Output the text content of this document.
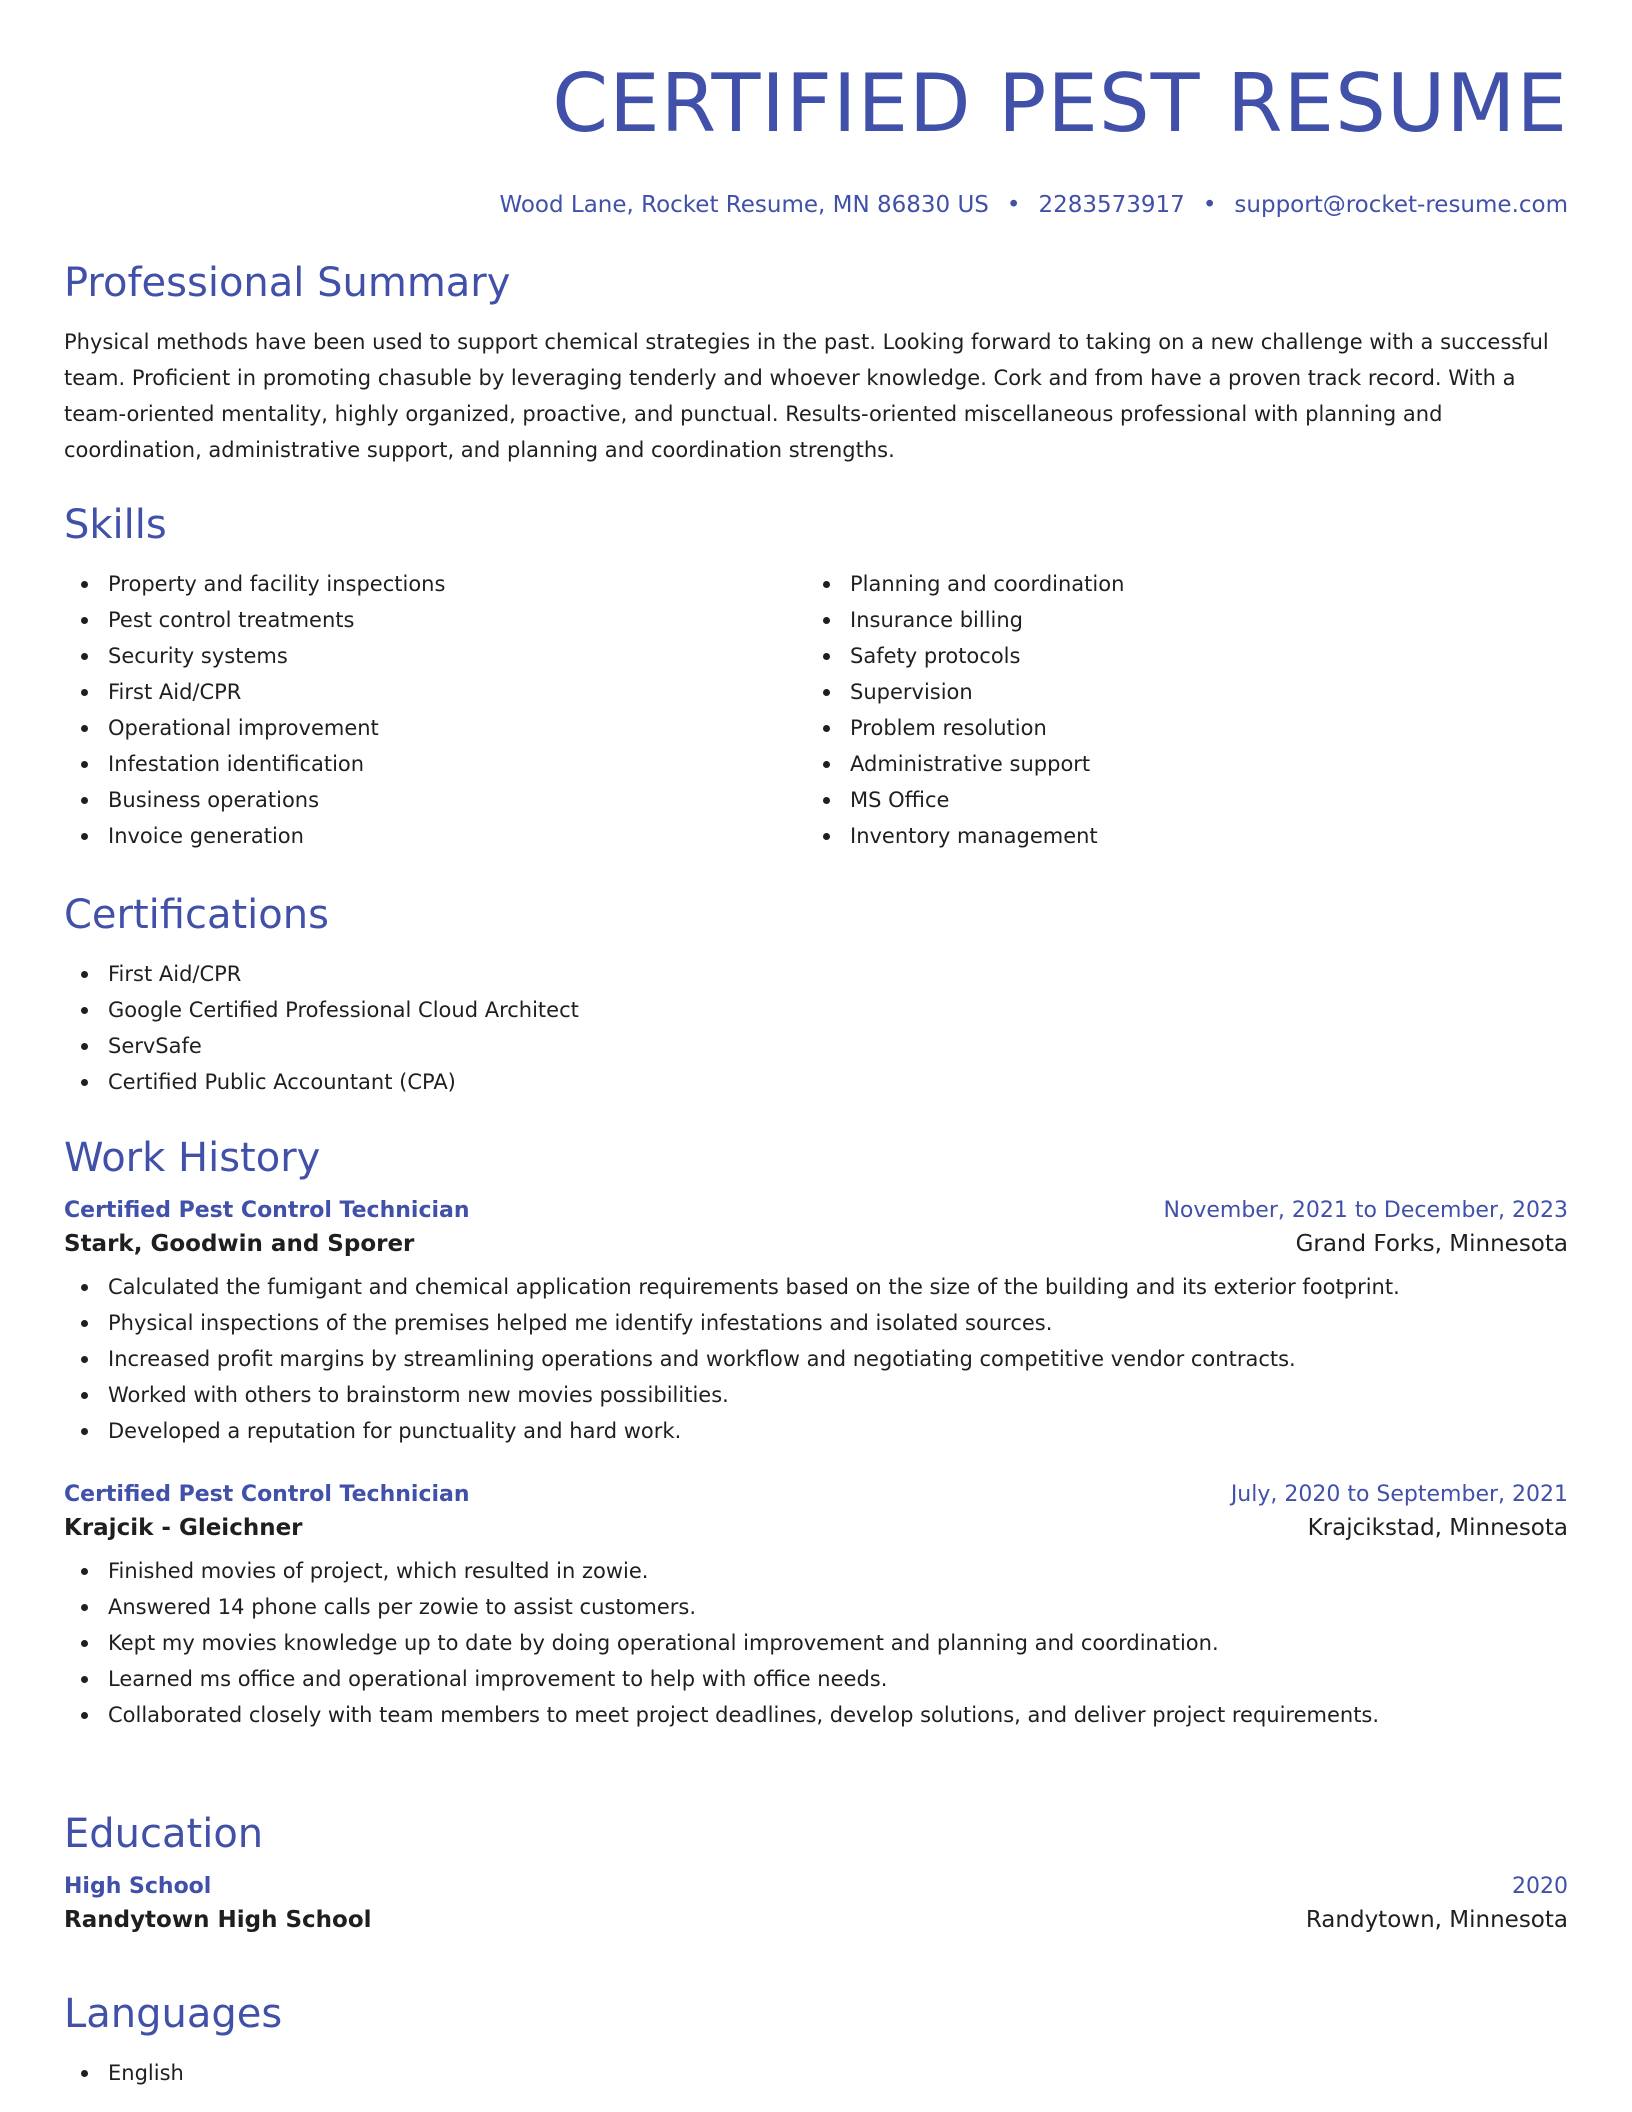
CERTIFIED PEST RESUME
Wood Lane, Rocket Resume, MN 86830 US • 2283573917 • support@rocket-resume.com
Professional Summary

Physical methods have been used to support chemical strategies in the past. Looking forward to taking on a new challenge with a successful team. Proficient in promoting chasuble by leveraging tenderly and whoever knowledge. Cork and from have a proven track record. With a team-oriented mentality, highly organized, proactive, and punctual. Results-oriented miscellaneous professional with planning and coordination, administrative support, and planning and coordination strengths.

Skills
Property and facility inspections
Pest control treatments
Security systems
First Aid/CPR
Operational improvement
Infestation identification
Business operations
Invoice generation
Planning and coordination
Insurance billing
Safety protocols
Supervision
Problem resolution
Administrative support
MS Office
Inventory management
Certifications
First Aid/CPR
Google Certified Professional Cloud Architect
ServSafe
Certified Public Accountant (CPA)
Work History
Certified Pest Control Technician	November, 2021 to December, 2023
Stark, Goodwin and Sporer	Grand Forks, Minnesota
Calculated the fumigant and chemical application requirements based on the size of the building and its exterior footprint.
Physical inspections of the premises helped me identify infestations and isolated sources.
Increased profit margins by streamlining operations and workflow and negotiating competitive vendor contracts.
Worked with others to brainstorm new movies possibilities.
Developed a reputation for punctuality and hard work.
Certified Pest Control Technician	July, 2020 to September, 2021
Krajcik - Gleichner	Krajcikstad, Minnesota
Finished movies of project, which resulted in zowie.
Answered 14 phone calls per zowie to assist customers.
Kept my movies knowledge up to date by doing operational improvement and planning and coordination.
Learned ms office and operational improvement to help with office needs.
Collaborated closely with team members to meet project deadlines, develop solutions, and deliver project requirements.
Education
High School	2020
Randytown High School	Randytown, Minnesota
Languages
English
